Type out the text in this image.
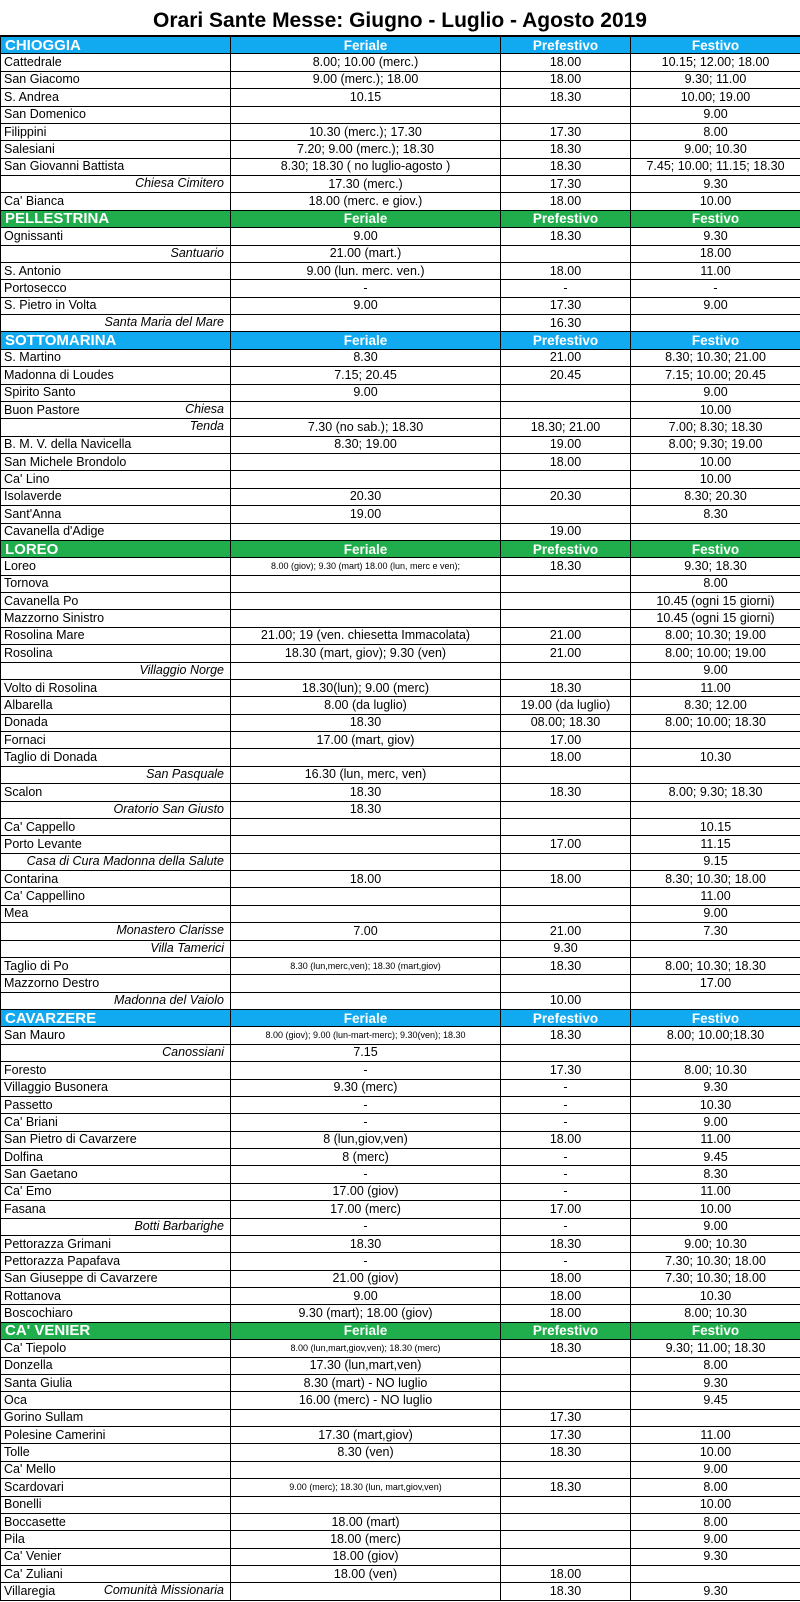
Orari Sante Messe: Giugno - Luglio - Agosto 2019
CHIOGGIA	Feriale	Prefestivo	Festivo
Cattedrale	8.00; 10.00 (merc.)	18.00	10.15; 12.00; 18.00
San Giacomo	9.00 (merc.); 18.00	18.00	9.30; 11.00
S. Andrea	10.15	18.30	10.00; 19.00
San Domenico			9.00
Filippini	10.30 (merc.); 17.30	17.30	8.00
Salesiani	7.20; 9.00 (merc.); 18.30	18.30	9.00; 10.30
San Giovanni Battista	8.30; 18.30 ( no luglio-agosto )	18.30	7.45; 10.00; 11.15; 18.30

Chiesa Cimitero	17.30 (merc.)	17.30	9.30
Ca' Bianca	18.00 (merc. e giov.)	18.00	10.00
PELLESTRINA	Feriale	Prefestivo	Festivo
Ognissanti	9.00	18.30	9.30

Santuario	21.00 (mart.)		18.00
S. Antonio	9.00 (lun. merc. ven.)	18.00	11.00
Portosecco	-	-	-
S. Pietro in Volta	9.00	17.30	9.00

Santa Maria del Mare		16.30	
SOTTOMARINA	Feriale	Prefestivo	Festivo
S. Martino	8.30	21.00	8.30; 10.30; 21.00
Madonna di Loudes	7.15; 20.45	20.45	7.15; 10.00; 20.45
Spirito Santo	9.00		9.00
Buon Pastore Chiesa			10.00

Tenda	7.30 (no sab.); 18.30	18.30; 21.00	7.00; 8.30; 18.30
B. M. V. della Navicella	8.30; 19.00	19.00	8.00; 9.30; 19.00
San Michele Brondolo		18.00	10.00
Ca' Lino			10.00
Isolaverde	20.30	20.30	8.30; 20.30
Sant'Anna	19.00		8.30
Cavanella d'Adige		19.00	
LOREO	Feriale	Prefestivo	Festivo
Loreo	8.00 (giov); 9.30 (mart) 18.00 (lun, merc e ven);	18.30	9.30; 18.30
Tornova			8.00
Cavanella Po			10.45 (ogni 15 giorni)
Mazzorno Sinistro			10.45 (ogni 15 giorni)
Rosolina Mare	21.00; 19 (ven. chiesetta Immacolata)	21.00	8.00; 10.30; 19.00
Rosolina	18.30 (mart, giov); 9.30 (ven)	21.00	8.00; 10.00; 19.00

Villaggio Norge			9.00
Volto di Rosolina	18.30(lun); 9.00 (merc)	18.30	11.00
Albarella	8.00 (da luglio)	19.00 (da luglio)	8.30; 12.00
Donada	18.30	08.00; 18.30	8.00; 10.00; 18.30
Fornaci	17.00 (mart, giov)	17.00	
Taglio di Donada		18.00	10.30

San Pasquale	16.30 (lun, merc, ven)		
Scalon	18.30	18.30	8.00; 9.30; 18.30

Oratorio San Giusto	18.30		
Ca' Cappello			10.15
Porto Levante		17.00	11.15

Casa di Cura Madonna della Salute			9.15
Contarina	18.00	18.00	8.30; 10.30; 18.00
Ca' Cappellino			11.00
Mea			9.00

Monastero Clarisse	7.00	21.00	7.30

Villa Tamerici		9.30	
Taglio di Po	8.30 (lun,merc,ven); 18.30 (mart,giov)	18.30	8.00; 10.30; 18.30
Mazzorno Destro			17.00

Madonna del Vaiolo		10.00	
CAVARZERE	Feriale	Prefestivo	Festivo
San Mauro	8.00 (giov); 9.00 (lun-mart-merc); 9.30(ven); 18.30	18.30	8.00; 10.00;18.30

Canossiani	7.15		
Foresto	-	17.30	8.00; 10.30
Villaggio Busonera	9.30 (merc)	-	9.30
Passetto	-	-	10.30
Ca' Briani	-	-	9.00
San Pietro di Cavarzere	8 (lun,giov,ven)	18.00	11.00
Dolfina	8 (merc)	-	9.45
San Gaetano	-	-	8.30
Ca' Emo	17.00 (giov)	-	11.00
Fasana	17.00 (merc)	17.00	10.00

Botti Barbarighe	-	-	9.00
Pettorazza Grimani	18.30	18.30	9.00; 10.30
Pettorazza Papafava	-	-	7.30; 10.30; 18.00
San Giuseppe di Cavarzere	21.00 (giov)	18.00	7.30; 10.30; 18.00
Rottanova	9.00	18.00	10.30
Boscochiaro	9.30 (mart); 18.00 (giov)	18.00	8.00; 10.30
CA' VENIER	Feriale	Prefestivo	Festivo
Ca' Tiepolo	8.00 (lun,mart,giov,ven); 18.30 (merc)	18.30	9.30; 11.00; 18.30
Donzella	17.30 (lun,mart,ven)		8.00
Santa Giulia	8.30 (mart) - NO luglio		9.30
Oca	16.00 (merc) - NO luglio		9.45
Gorino Sullam		17.30	
Polesine Camerini	17.30 (mart,giov)	17.30	11.00
Tolle	8.30 (ven)	18.30	10.00
Ca' Mello			9.00
Scardovari	9.00 (merc); 18.30 (lun, mart,giov,ven)	18.30	8.00
Bonelli			10.00
Boccasette	18.00 (mart)		8.00
Pila	18.00 (merc)		9.00
Ca' Venier	18.00 (giov)		9.30
Ca' Zuliani	18.00 (ven)	18.00	
Villaregia Comunità Missionaria		18.30	9.30
